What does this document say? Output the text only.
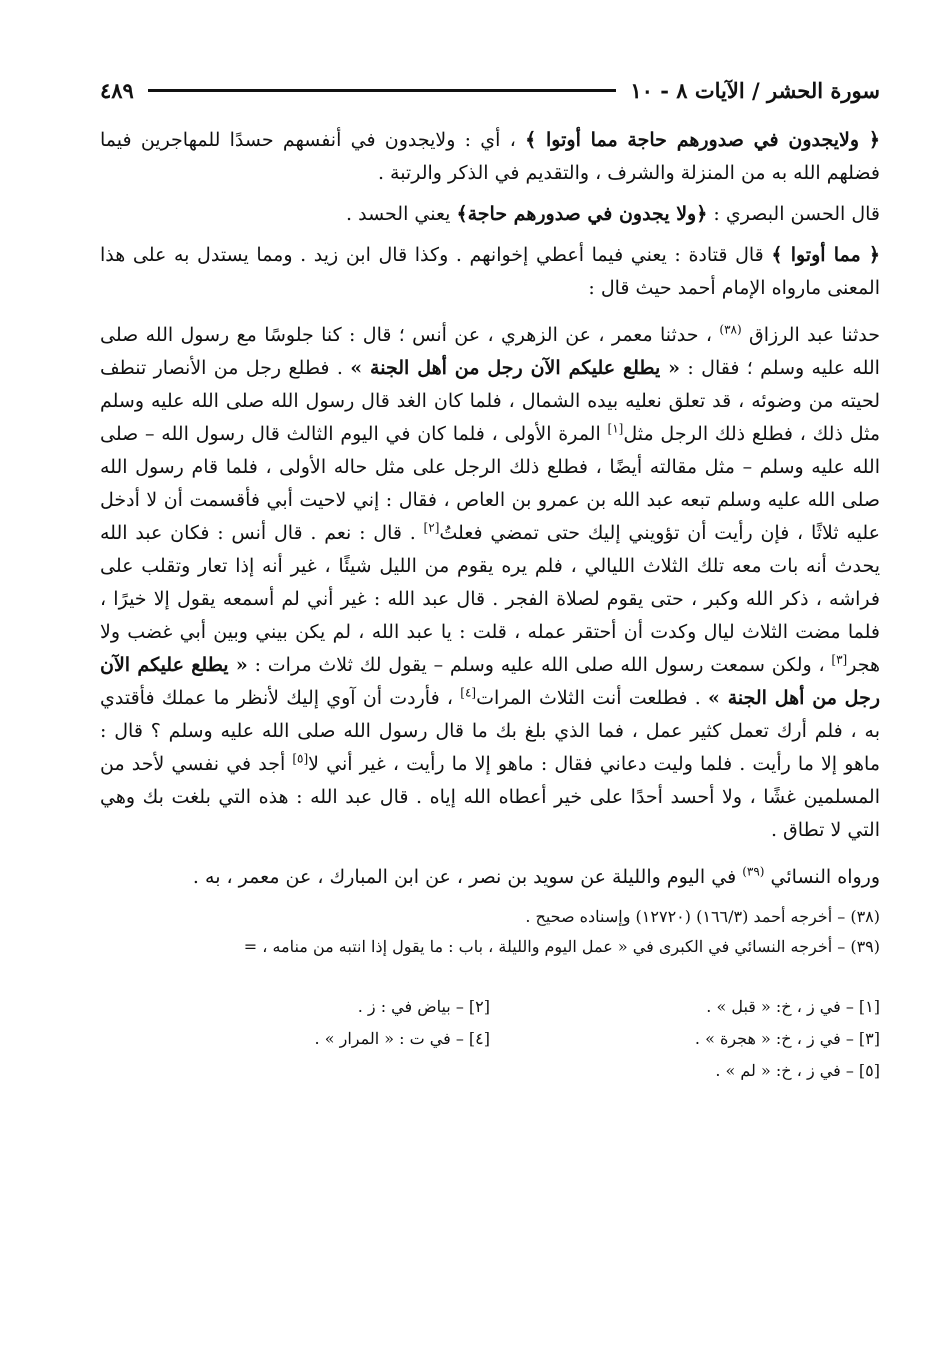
سورة الحشر / الآيات ٨ - ١٠
٤٨٩

﴿ ولايجدون في صدورهم حاجة مما أوتوا ﴾ ، أي : ولايجدون في أنفسهم حسدًا للمهاجرين فيما فضلهم الله به من المنزلة والشرف ، والتقديم في الذكر والرتبة .

قال الحسن البصري : ﴿ولا يجدون في صدورهم حاجة﴾ يعني الحسد .

﴿ مما أوتوا ﴾ قال قتادة : يعني فيما أعطي إخوانهم . وكذا قال ابن زيد . ومما يستدل به على هذا المعنى مارواه الإمام أحمد حيث قال :

حدثنا عبد الرزاق $^{(٣٨)}$ ، حدثنا معمر ، عن الزهري ، عن أنس ؛ قال : كنا جلوسًا مع رسول الله صلى الله عليه وسلم ؛ فقال : « يطلع عليكم الآن رجل من أهل الجنة » . فطلع رجل من الأنصار تنطف لحيته من وضوئه ، قد تعلق نعليه بيده الشمال ، فلما كان الغد قال رسول الله صلى الله عليه وسلم مثل ذلك ، فطلع ذلك الرجل مثل[١] المرة الأولى ، فلما كان في اليوم الثالث قال رسول الله – صلى الله عليه وسلم – مثل مقالته أيضًا ، فطلع ذلك الرجل على مثل حاله الأولى ، فلما قام رسول الله صلى الله عليه وسلم تبعه عبد الله بن عمرو بن العاص ، فقال : إني لاحيت أبي فأقسمت أن لا أدخل عليه ثلاثًا ، فإن رأيت أن تؤويني إليك حتى تمضي فعلتُ[٢] . قال : نعم . قال أنس : فكان عبد الله يحدث أنه بات معه تلك الثلاث الليالي ، فلم يره يقوم من الليل شيئًا ، غير أنه إذا تعار وتقلب على فراشه ، ذكر الله وكبر ، حتى يقوم لصلاة الفجر . قال عبد الله : غير أني لم أسمعه يقول إلا خيرًا ، فلما مضت الثلاث ليال وكدت أن أحتقر عمله ، قلت : يا عبد الله ، لم يكن بيني وبين أبي غضب ولا هجر[٣] ، ولكن سمعت رسول الله صلى الله عليه وسلم – يقول لك ثلاث مرات : « يطلع عليكم الآن رجل من أهل الجنة » . فطلعت أنت الثلاث المرات[٤] ، فأردت أن آوي إليك لأنظر ما عملك فأقتدي به ، فلم أرك تعمل كثير عمل ، فما الذي بلغ بك ما قال رسول الله صلى الله عليه وسلم ؟ قال : ماهو إلا ما رأيت . فلما وليت دعاني فقال : ماهو إلا ما رأيت ، غير أني لا[٥] أجد في نفسي لأحد من المسلمين غشًا ، ولا أحسد أحدًا على خير أعطاه الله إياه . قال عبد الله : هذه التي بلغت بك وهي التي لا تطاق .

ورواه النسائي $^{(٣٩)}$ في اليوم والليلة عن سويد بن نصر ، عن ابن المبارك ، عن معمر ، به .

(٣٨) – أخرجه أحمد (١٦٦/٣) (١٢٧٢٠) وإسناده صحيح .

(٣٩) – أخرجه النسائي في الكبرى في « عمل اليوم والليلة ، باب : ما يقول إذا انتبه من منامه ، =

[١] – في ز ، خ: « قبل » .
[٢] – بياض في : ز .
[٣] – في ز ، خ: « هجرة » .
[٤] – في ت : « المرار » .
[٥] – في ز ، خ: « لم » .
